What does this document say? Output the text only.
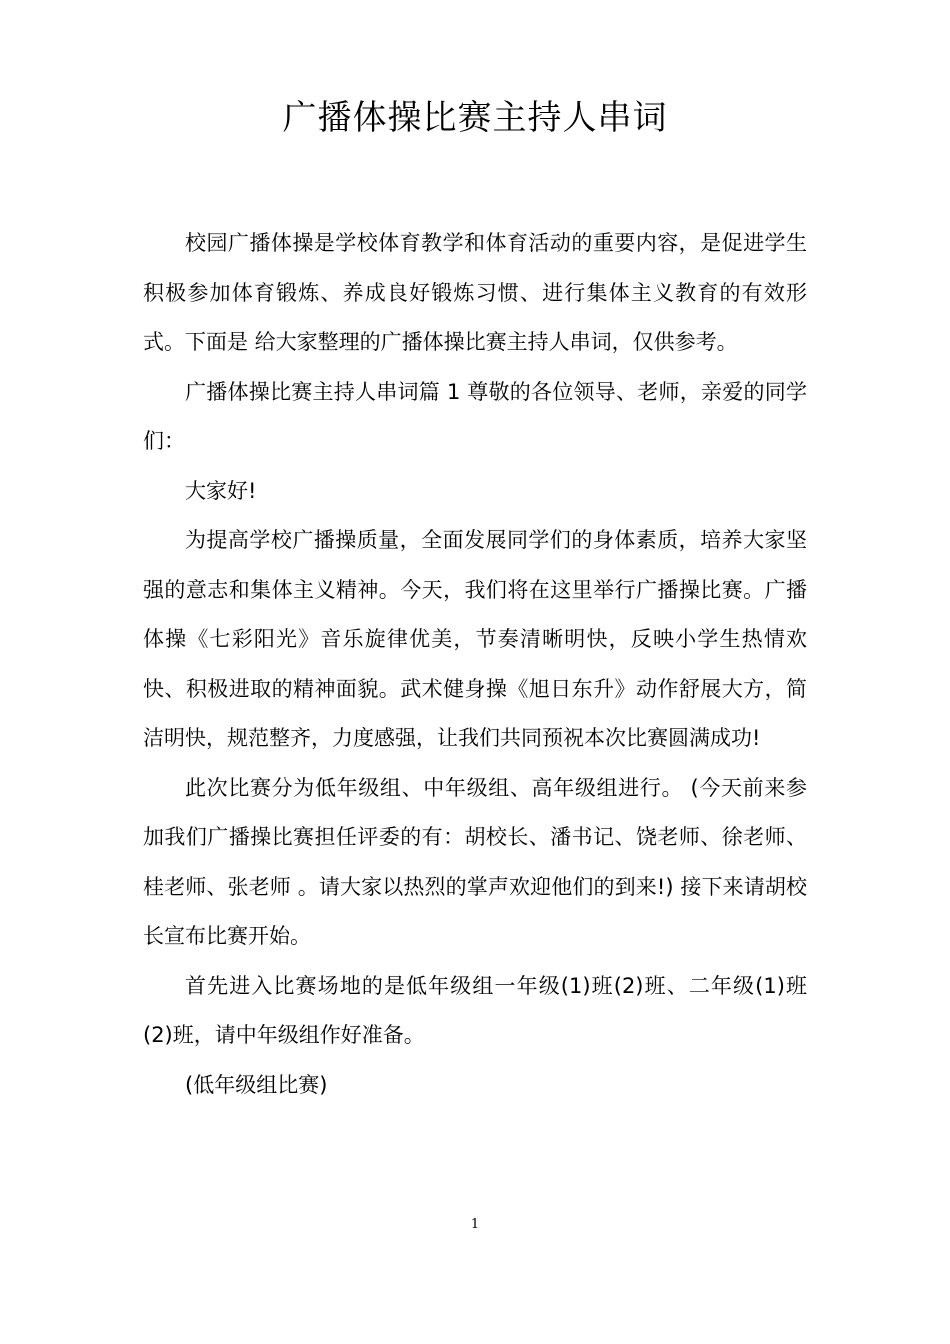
广播体操比赛主持人串词

校园广播体操是学校体育教学和体育活动的重要内容，是促进学生积极参加体育锻炼、养成良好锻炼习惯、进行集体主义教育的有效形式。下面是 给大家整理的广播体操比赛主持人串词，仅供参考。

广播体操比赛主持人串词篇 1 尊敬的各位领导、老师，亲爱的同学们：

大家好!

为提高学校广播操质量，全面发展同学们的身体素质，培养大家坚强的意志和集体主义精神。今天，我们将在这里举行广播操比赛。广播体操《七彩阳光》音乐旋律优美，节奏清晰明快，反映小学生热情欢快、积极进取的精神面貌。武术健身操《旭日东升》动作舒展大方，简洁明快，规范整齐，力度感强，让我们共同预祝本次比赛圆满成功!

此次比赛分为低年级组、中年级组、高年级组进行。 (今天前来参加我们广播操比赛担任评委的有：胡校长、潘书记、饶老师、徐老师、桂老师、张老师 。请大家以热烈的掌声欢迎他们的到来!) 接下来请胡校长宣布比赛开始。

首先进入比赛场地的是低年级组一年级(1)班(2)班、二年级(1)班(2)班，请中年级组作好准备。

(低年级组比赛)

1
